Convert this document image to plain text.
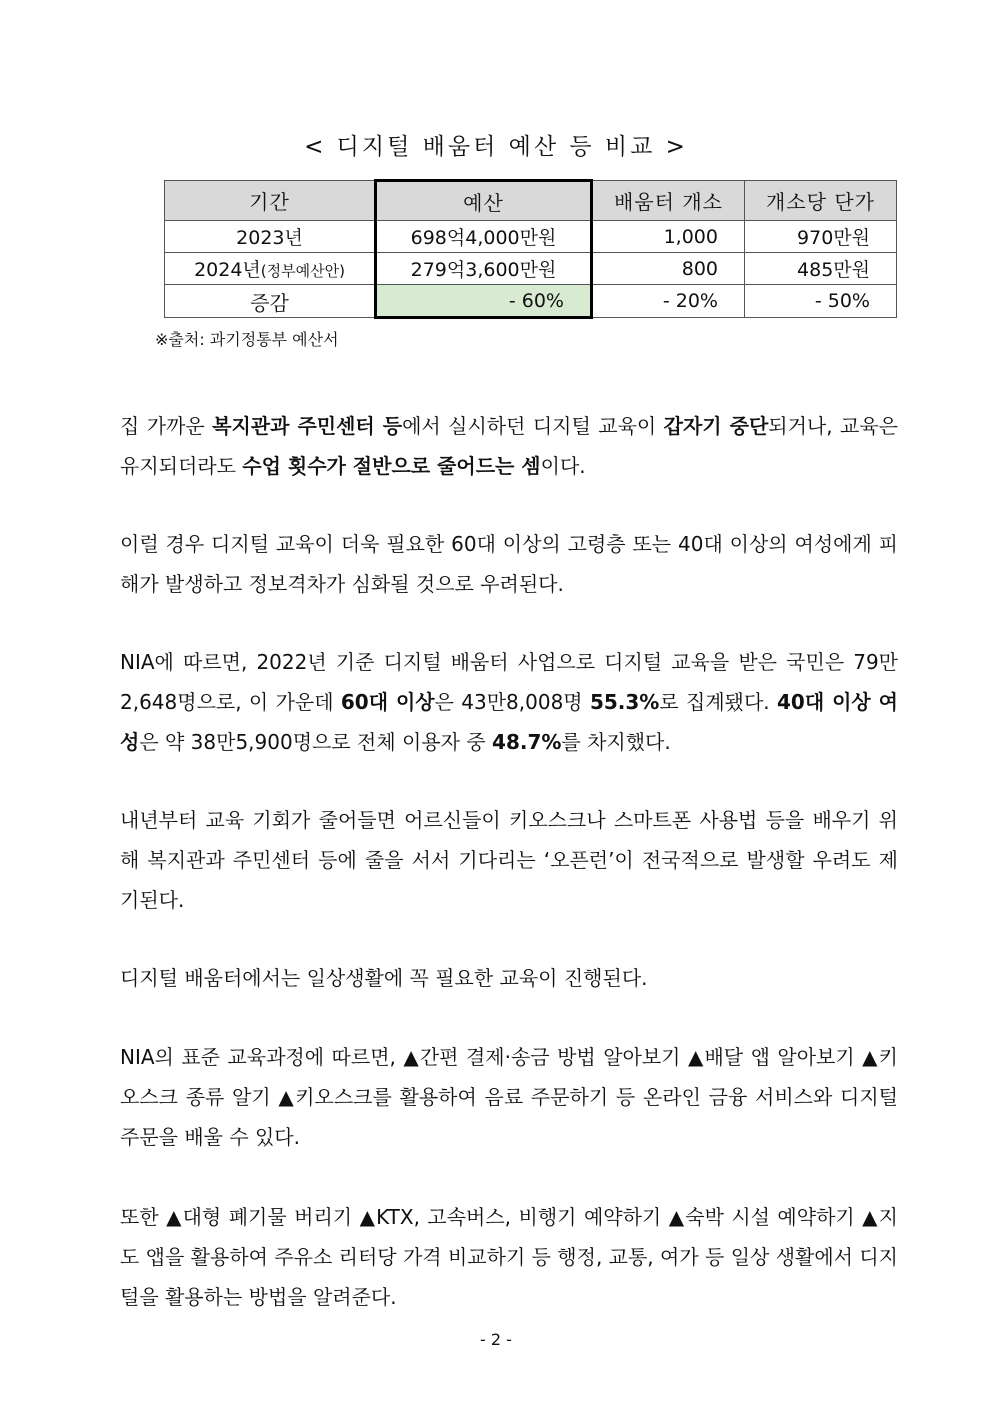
< 디지털 배움터 예산 등 비교 >
기간	예산	배움터 개소	개소당 단가
2023년	698억4,000만원	1,000	970만원
2024년(정부예산안)	279억3,600만원	800	485만원
증감	- 60%	- 20%	- 50%
※출처: 과기정통부 예산서

집 가까운 복지관과 주민센터 등에서 실시하던 디지털 교육이 갑자기 중단되거나, 교육은 유지되더라도 수업 횟수가 절반으로 줄어드는 셈이다.

이럴 경우 디지털 교육이 더욱 필요한 60대 이상의 고령층 또는 40대 이상의 여성에게 피해가 발생하고 정보격차가 심화될 것으로 우려된다.

NIA에 따르면, 2022년 기준 디지털 배움터 사업으로 디지털 교육을 받은 국민은 79만2,648명으로, 이 가운데 60대 이상은 43만8,008명 55.3%로 집계됐다. 40대 이상 여성은 약 38만5,900명으로 전체 이용자 중 48.7%를 차지했다.

내년부터 교육 기회가 줄어들면 어르신들이 키오스크나 스마트폰 사용법 등을 배우기 위해 복지관과 주민센터 등에 줄을 서서 기다리는 ‘오픈런’이 전국적으로 발생할 우려도 제기된다.

디지털 배움터에서는 일상생활에 꼭 필요한 교육이 진행된다.

NIA의 표준 교육과정에 따르면, ▲간편 결제·송금 방법 알아보기 ▲배달 앱 알아보기 ▲키오스크 종류 알기 ▲키오스크를 활용하여 음료 주문하기 등 온라인 금융 서비스와 디지털 주문을 배울 수 있다.

또한 ▲대형 폐기물 버리기 ▲KTX, 고속버스, 비행기 예약하기 ▲숙박 시설 예약하기 ▲지도 앱을 활용하여 주유소 리터당 가격 비교하기 등 행정, 교통, 여가 등 일상 생활에서 디지털을 활용하는 방법을 알려준다.

- 2 -
